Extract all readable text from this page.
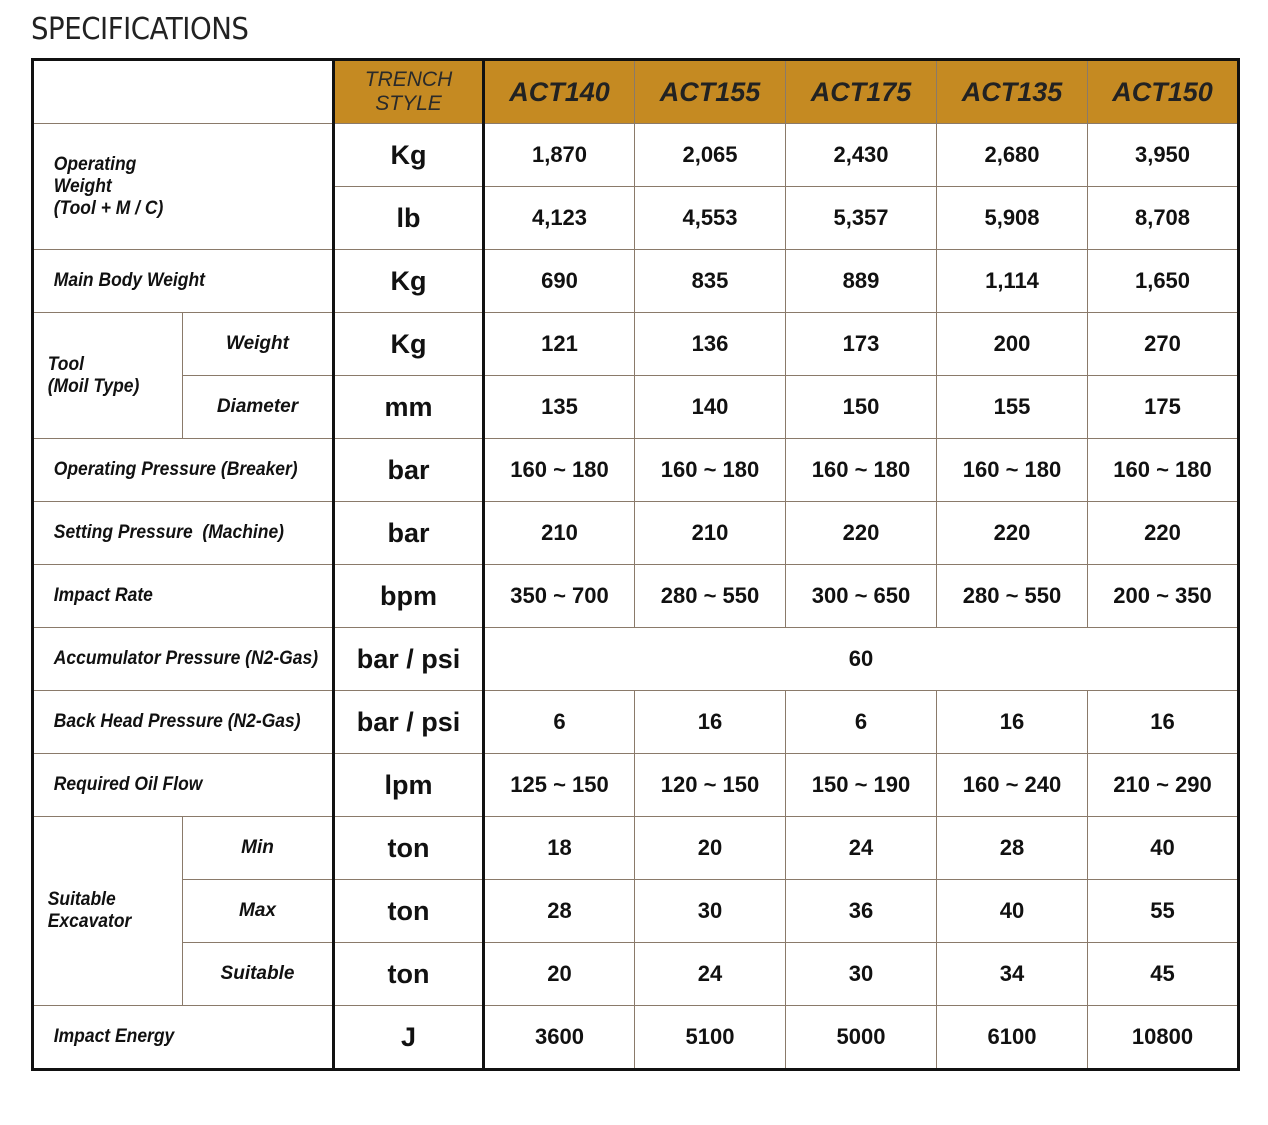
SPECIFICATIONS

		TRENCH
STYLE	ACT140	ACT155	ACT175	ACT135	ACT150

Operating
Weight
(Tool + M / C)		Kg	1,870	2,065	2,430	2,680	3,950
		lb	4,123	4,553	5,357	5,908	8,708
Main Body Weight		Kg	690	835	889	1,114	1,650

Tool
(Moil Type)	Weight	Kg	121	136	173	200	270
	Diameter	mm	135	140	150	155	175
Operating Pressure (Breaker)		bar	160 ~ 180	160 ~ 180	160 ~ 180	160 ~ 180	160 ~ 180
Setting Pressure  (Machine)		bar	210	210	220	220	220
Impact Rate		bpm	350 ~ 700	280 ~ 550	300 ~ 650	280 ~ 550	200 ~ 350
Accumulator Pressure (N2-Gas)		bar / psi	60				
Back Head Pressure (N2-Gas)		bar / psi	6	16	6	16	16
Required Oil Flow		lpm	125 ~ 150	120 ~ 150	150 ~ 190	160 ~ 240	210 ~ 290

Suitable
Excavator	Min	ton	18	20	24	28	40
	Max	ton	28	30	36	40	55
	Suitable	ton	20	24	30	34	45
Impact Energy		J	3600	5100	5000	6100	10800
